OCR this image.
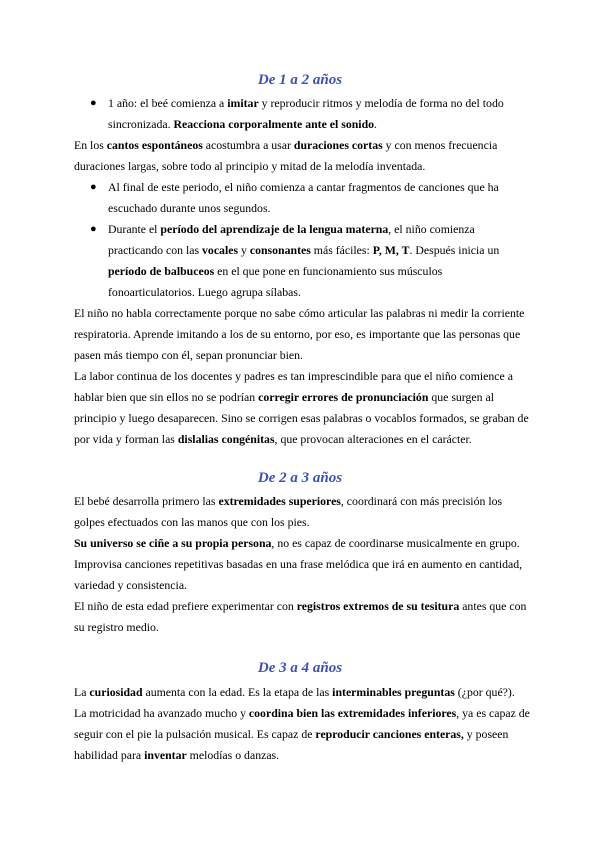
De 1 a 2 años
● 1 año: el beé comienza a imitar y reproducir ritmos y melodía de forma no del todo sincronizada. Reacciona corporalmente ante el sonido.

En los cantos espontáneos acostumbra a usar duraciones cortas y con menos frecuencia duraciones largas, sobre todo al principio y mitad de la melodía inventada.

● Al final de este periodo, el niño comienza a cantar fragmentos de canciones que ha escuchado durante unos segundos.
● Durante el período del aprendizaje de la lengua materna, el niño comienza practicando con las vocales y consonantes más fáciles: P, M, T. Después inicia un período de balbuceos en el que pone en funcionamiento sus músculos fonoarticulatorios. Luego agrupa sílabas.

El niño no habla correctamente porque no sabe cómo articular las palabras ni medir la corriente respiratoria. Aprende imitando a los de su entorno, por eso, es importante que las personas que pasen más tiempo con él, sepan pronunciar bien.

La labor continua de los docentes y padres es tan imprescindible para que el niño comience a hablar bien que sin ellos no se podrían corregir errores de pronunciación que surgen al principio y luego desaparecen. Sino se corrigen esas palabras o vocablos formados, se graban de por vida y forman las dislalias congénitas, que provocan alteraciones en el carácter.

De 2 a 3 años

El bebé desarrolla primero las extremidades superiores, coordinará con más precisión los golpes efectuados con las manos que con los pies.

Su universo se ciñe a su propia persona, no es capaz de coordinarse musicalmente en grupo. Improvisa canciones repetitivas basadas en una frase melódica que irá en aumento en cantidad, variedad y consistencia.

El niño de esta edad prefiere experimentar con registros extremos de su tesitura antes que con su registro medio.

De 3 a 4 años

La curiosidad aumenta con la edad. Es la etapa de las interminables preguntas (¿por qué?). La motricidad ha avanzado mucho y coordina bien las extremidades inferiores, ya es capaz de seguir con el pie la pulsación musical. Es capaz de reproducir canciones enteras, y poseen habilidad para inventar melodías o danzas.
